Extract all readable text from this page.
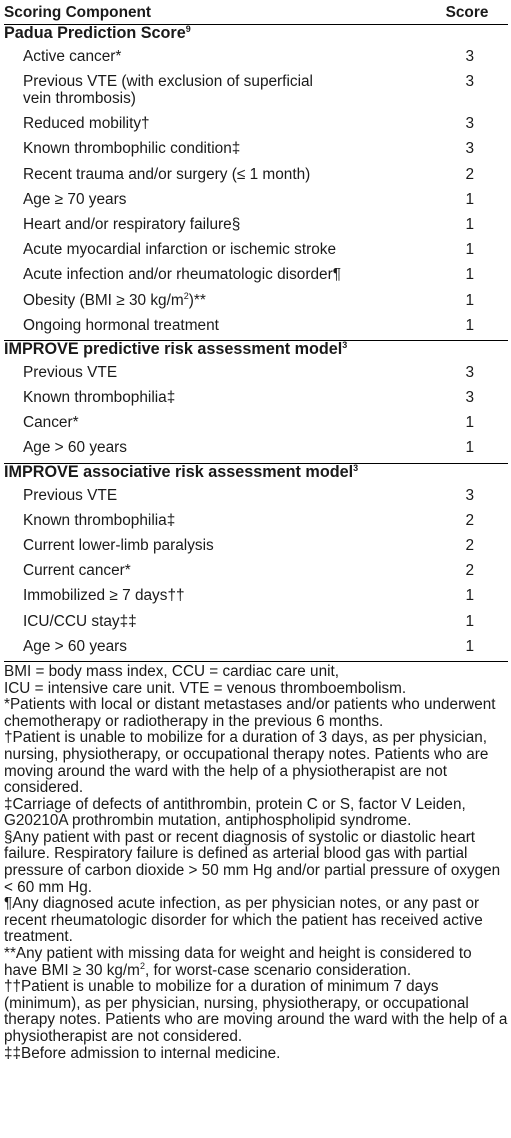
Scoring Component	Score
Padua Prediction Score$^9$
Active cancer*	3
Previous VTE (with exclusion of superficial
vein thrombosis)	3
Reduced mobility†	3
Known thrombophilic condition‡	3
Recent trauma and/or surgery (≤ 1 month)	2
Age ≥ 70 years	1
Heart and/or respiratory failure§	1
Acute myocardial infarction or ischemic stroke	1
Acute infection and/or rheumatologic disorder¶	1
Obesity (BMI ≥ 30 $kg/m^2)**$	1
Ongoing hormonal treatment	1
IMPROVE predictive risk assessment model$^3$
Previous VTE	3
Known thrombophilia‡	3
Cancer*	1
Age > 60 years	1
IMPROVE associative risk assessment model$^3$
Previous VTE	3
Known thrombophilia‡	2
Current lower-limb paralysis	2
Current cancer*	2
Immobilized ≥ 7 days††	1
ICU/CCU stay‡‡	1
Age > 60 years	1

BMI = body mass index, CCU = cardiac care unit,
ICU = intensive care unit. VTE = venous thromboembolism.

*Patients with local or distant metastases and/or patients who underwent chemotherapy or radiotherapy in the previous 6 months.

†Patient is unable to mobilize for a duration of 3 days, as per physician, nursing, physiotherapy, or occupational therapy notes. Patients who are moving around the ward with the help of a physiotherapist are not considered.

‡Carriage of defects of antithrombin, protein C or S, factor V Leiden, G20210A prothrombin mutation, antiphospholipid syndrome.

§Any patient with past or recent diagnosis of systolic or diastolic heart failure. Respiratory failure is defined as arterial blood gas with partial pressure of carbon dioxide > 50 mm Hg and/or partial pressure of oxygen < 60 mm Hg.

¶Any diagnosed acute infection, as per physician notes, or any past or recent rheumatologic disorder for which the patient has received active treatment.

**Any patient with missing data for weight and height is considered to have BMI ≥ 30 $kg/m^2$, for worst-case scenario consideration.

††Patient is unable to mobilize for a duration of minimum 7 days (minimum), as per physician, nursing, physiotherapy, or occupational therapy notes. Patients who are moving around the ward with the help of a physiotherapist are not considered.

‡‡Before admission to internal medicine.
